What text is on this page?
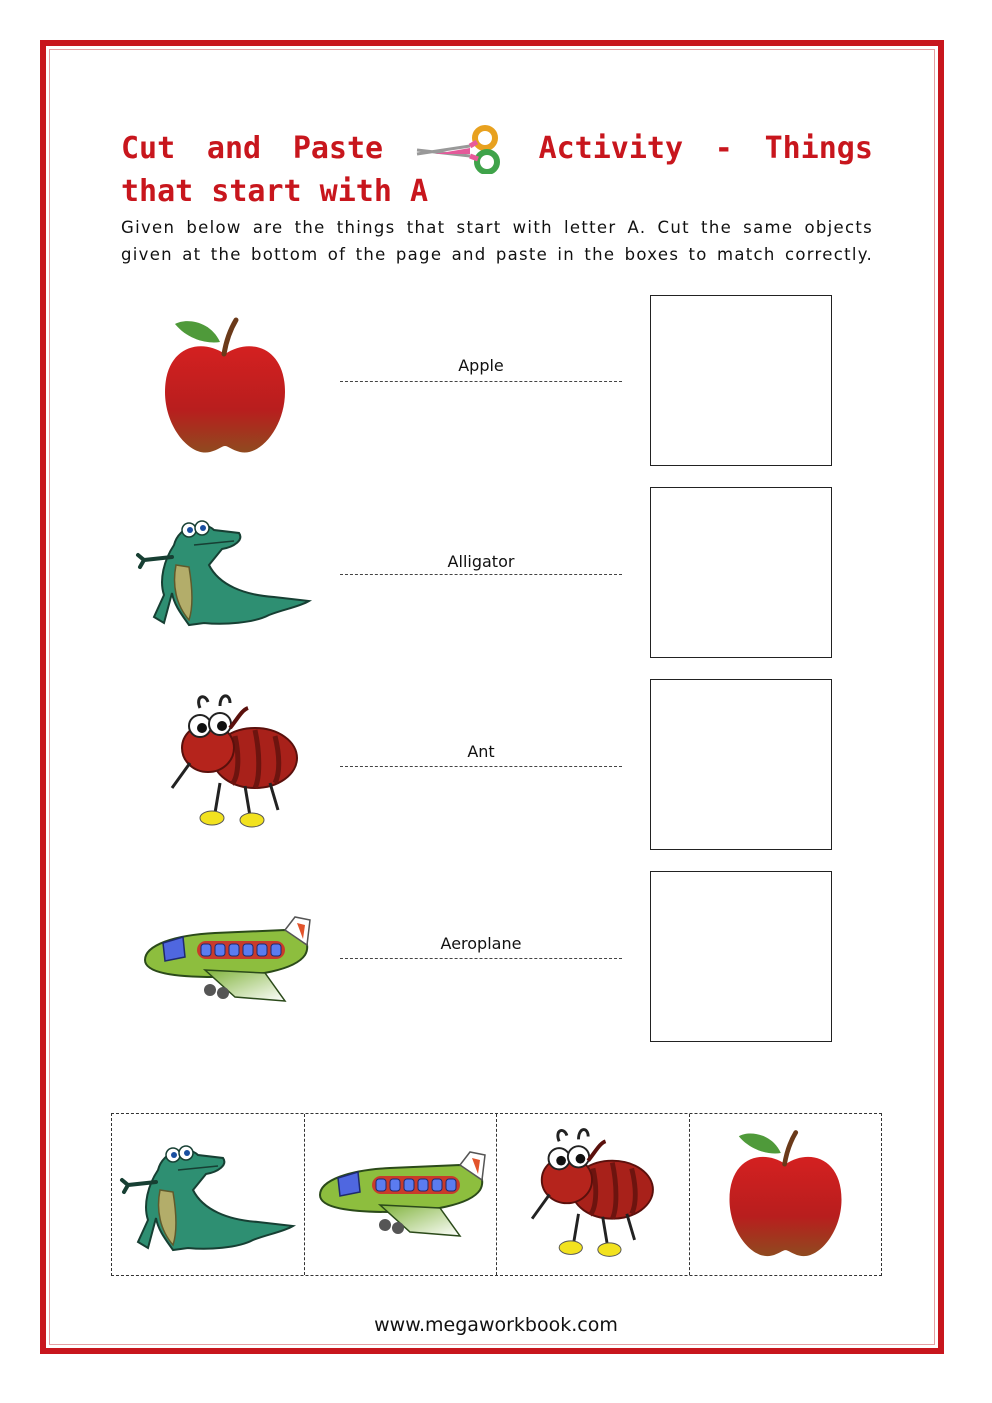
Cut and Paste	Activity - Things
that start with A
Given below are the things that start with letter A. Cut the same objects
given at the bottom of the page and paste in the boxes to match correctly.
Apple
Alligator
Ant
Aeroplane
www.megaworkbook.com
